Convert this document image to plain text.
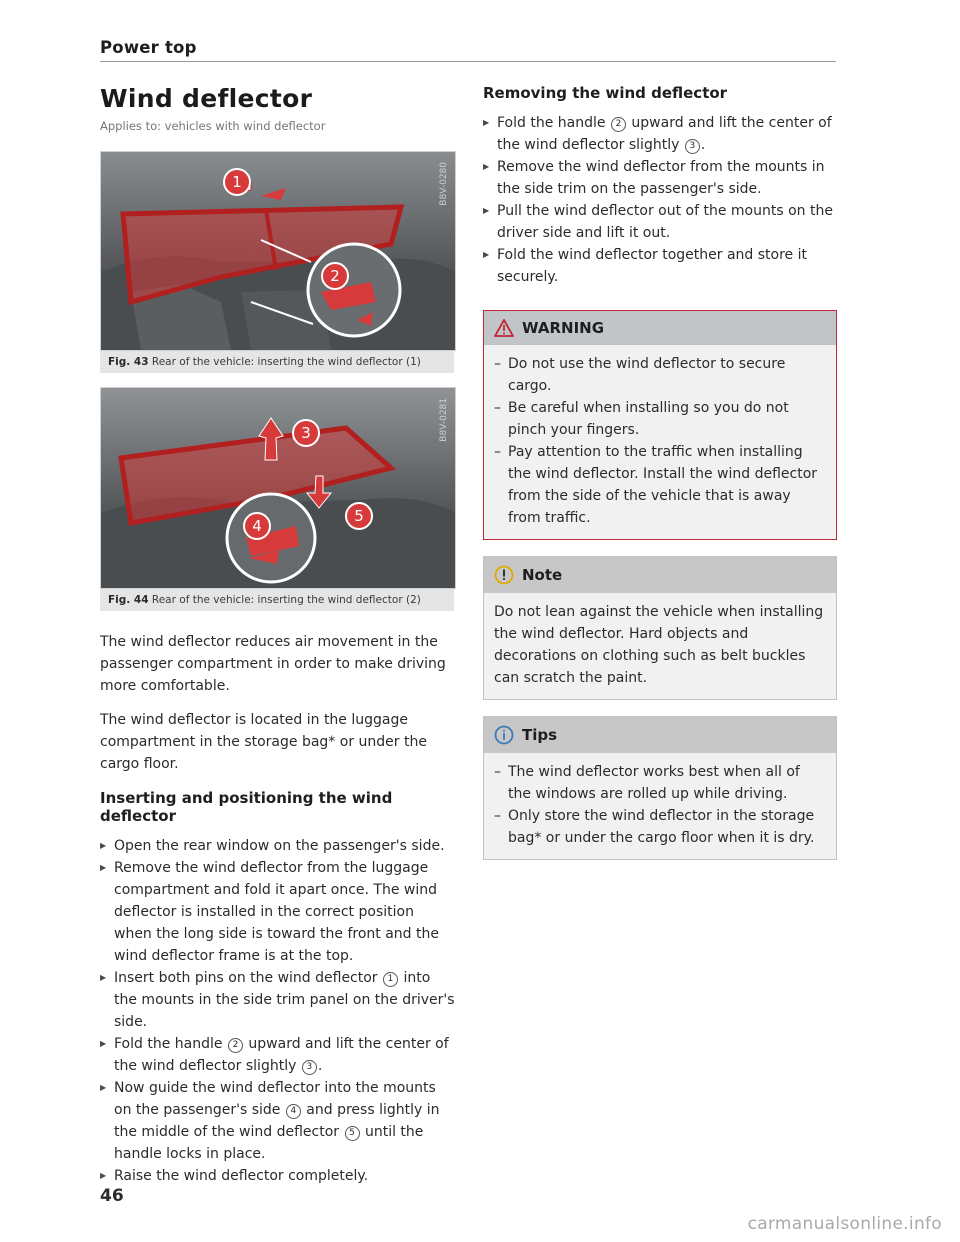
Power top
Wind deflector

Applies to: vehicles with wind deflector

1
2
B8V-0280
Fig. 43 Rear of the vehicle: inserting the wind deflector (1)
3
4
5
B8V-0281
Fig. 44 Rear of the vehicle: inserting the wind deflector (2)

The wind deflector reduces air movement in the passenger compartment in order to make driving more comfortable.

The wind deflector is located in the luggage compartment in the storage bag* or under the cargo floor.

Inserting and positioning the wind deflector
▶ Open the rear window on the passenger's side.
▶ Remove the wind deflector from the luggage compartment and fold it apart once. The wind deflector is installed in the correct position when the long side is toward the front and the wind deflector frame is at the top.
▶ Insert both pins on the wind deflector 1 into the mounts in the side trim panel on the driver's side.
▶ Fold the handle 2 upward and lift the center of the wind deflector slightly 3 .
▶ Now guide the wind deflector into the mounts on the passenger's side 4 and press lightly in the middle of the wind deflector 5 until the handle locks in place.
▶ Raise the wind deflector completely.
Removing the wind deflector
▶ Fold the handle 2 upward and lift the center of the wind deflector slightly 3 .
▶ Remove the wind deflector from the mounts in the side trim on the passenger's side.
▶ Pull the wind deflector out of the mounts on the driver side and lift it out.
▶ Fold the wind deflector together and store it securely.
WARNING
– Do not use the wind deflector to secure cargo.
– Be careful when installing so you do not pinch your fingers.
– Pay attention to the traffic when installing the wind deflector. Install the wind deflector from the side of the vehicle that is away from traffic.
Note

Do not lean against the vehicle when installing the wind deflector. Hard objects and decorations on clothing such as belt buckles can scratch the paint.

Tips
– The wind deflector works best when all of the windows are rolled up while driving.
– Only store the wind deflector in the storage bag* or under the cargo floor when it is dry.
46
carmanualsonline.info
